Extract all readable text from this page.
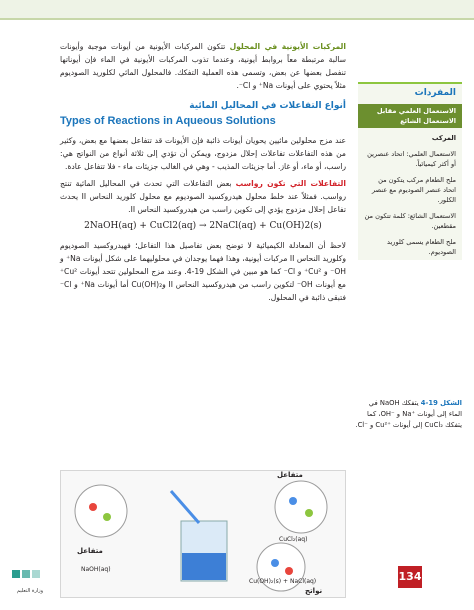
المركبات الأيونية في المحلول تتكون المركبات الأيونية من أيونات موجبة وأيونات سالبة مرتبطة معاً بروابط أيونية، وعندما تذوب المركبات الأيونية في الماء فإن أيوناتها تنفصل بعضها عن بعض، وتسمى هذه العملية التفكك. فالمحلول المائي لكلوريد الصوديوم مثلاً يحتوي على أيونات Na⁺ و Cl⁻.

أنواع التفاعلات في المحاليل المائية
Types of Reactions in Aqueous Solutions

عند مزج محلولين مائيين يحويان أيونات ذائبة فإن الأيونات قد تتفاعل بعضها مع بعض، وكثير من هذه التفاعلات تفاعلات إحلال مزدوج، ويمكن أن تؤدي إلى ثلاثة أنواع من النواتج هي: راسب، أو ماء، أو غاز. أما جزيئات المذيب - وهي في الغالب جزيئات ماء - فلا تتفاعل عادة.

التفاعلات التي تكون رواسب بعض التفاعلات التي تحدث في المحاليل المائية تنتج رواسب. فمثلاً عند خلط محلول هيدروكسيد الصوديوم مع محلول كلوريد النحاس II يحدث تفاعل إحلال مزدوج يؤدي إلى تكوين راسب من هيدروكسيد النحاس II.

2NaOH(aq) + CuCl2(aq) → 2NaCl(aq) + Cu(OH)2(s)

لاحظ أن المعادلة الكيميائية لا توضح بعض تفاصيل هذا التفاعل؛ فهيدروكسيد الصوديوم وكلوريد النحاس II مركبات أيونية، وهذا فهما يوجدان في محلوليهما على شكل أيونات Na⁺ و OH⁻ و Cu²⁺ و Cl⁻ كما هو مبين في الشكل 19-4. وعند مزج المحلولين تتحد أيونات Cu²⁺ مع أيونات OH⁻ لتكوين راسب من هيدروكسيد النحاس II وCu(OH)₂ أما أيونات Na⁺ و Cl⁻ فتبقى ذائبة في المحلول.

المفردات
الاستعمال العلمي مقابل الاستعمال الشائع
المركب
الاستعمال العلمي: اتحاد عنصرين أو أكثر كيميائياً.
ملح الطعام مركب يتكون من اتحاد عنصر الصوديوم مع عنصر الكلور.
الاستعمال الشائع: كلمة تتكون من مقطعين.
ملح الطعام يسمى كلوريد الصوديوم.
الشكل 19-4 يتفكك NaOH في الماء إلى أيونات ⁺Na و ⁻OH، كما يتفكك CuCl₂ إلى أيونات ⁺Cu² و ⁻Cl.
متفاعل
متفاعل
نواتج
NaOH(aq)
CuCl₂(aq)
Cu(OH)₂(s) + NaCl(aq)
وزارة التعليم
134
